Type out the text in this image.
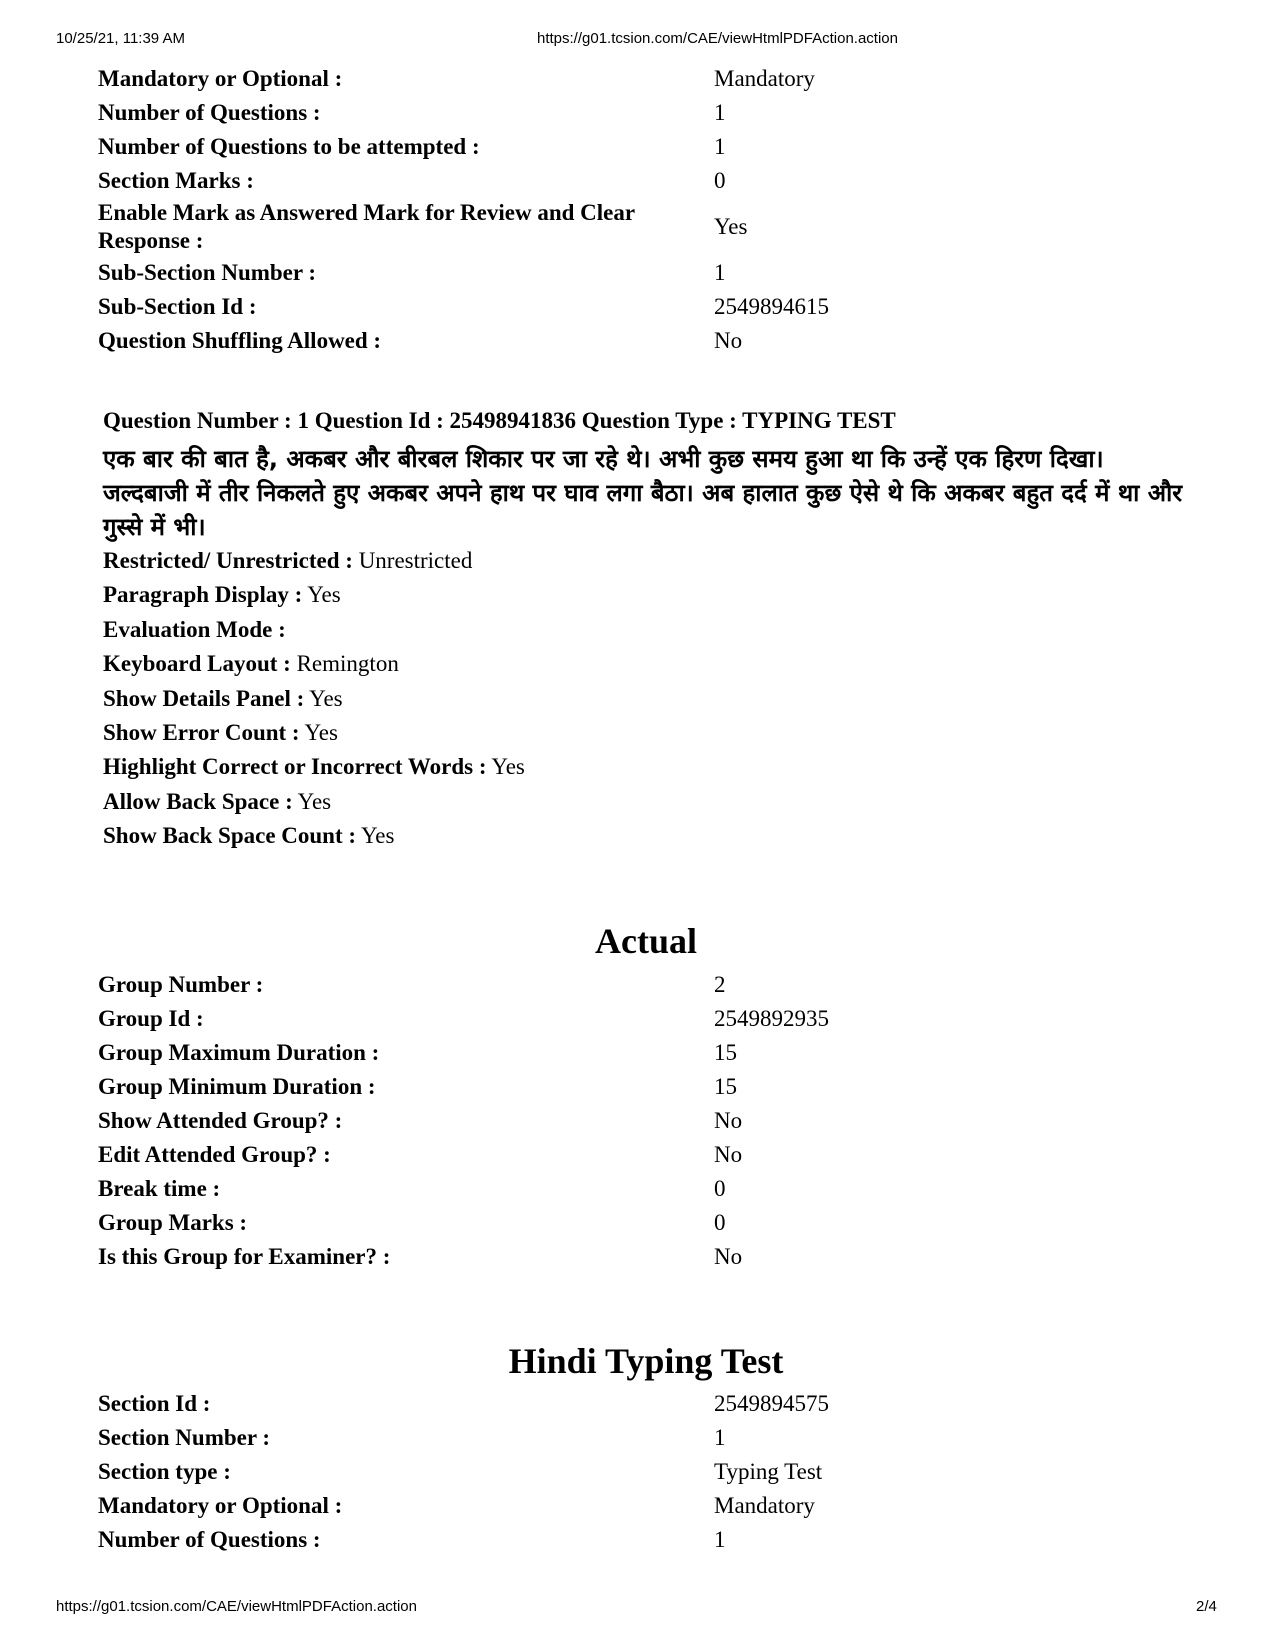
10/25/21, 11:39 AM	https://g01.tcsion.com/CAE/viewHtmlPDFAction.action
Mandatory or Optional :	Mandatory
Number of Questions :	1
Number of Questions to be attempted :	1
Section Marks :	0
Enable Mark as Answered Mark for Review and Clear Response :	Yes
Sub-Section Number :	1
Sub-Section Id :	2549894615
Question Shuffling Allowed :	No
Question Number : 1 Question Id : 25498941836 Question Type : TYPING TEST
एक बार की बात है, अकबर और बीरबल शिकार पर जा रहे थे। अभी कुछ समय हुआ था कि उन्हें एक हिरण दिखा। जल्दबाजी में तीर निकलते हुए अकबर अपने हाथ पर घाव लगा बैठा। अब हालात कुछ ऐसे थे कि अकबर बहुत दर्द में था और गुस्से में भी।
Restricted/ Unrestricted : Unrestricted
Paragraph Display : Yes
Evaluation Mode :
Keyboard Layout : Remington
Show Details Panel : Yes
Show Error Count : Yes
Highlight Correct or Incorrect Words : Yes
Allow Back Space : Yes
Show Back Space Count : Yes
Actual
Group Number :	2
Group Id :	2549892935
Group Maximum Duration :	15
Group Minimum Duration :	15
Show Attended Group? :	No
Edit Attended Group? :	No
Break time :	0
Group Marks :	0
Is this Group for Examiner? :	No
Hindi Typing Test
Section Id :	2549894575
Section Number :	1
Section type :	Typing Test
Mandatory or Optional :	Mandatory
Number of Questions :	1
https://g01.tcsion.com/CAE/viewHtmlPDFAction.action	2/4
